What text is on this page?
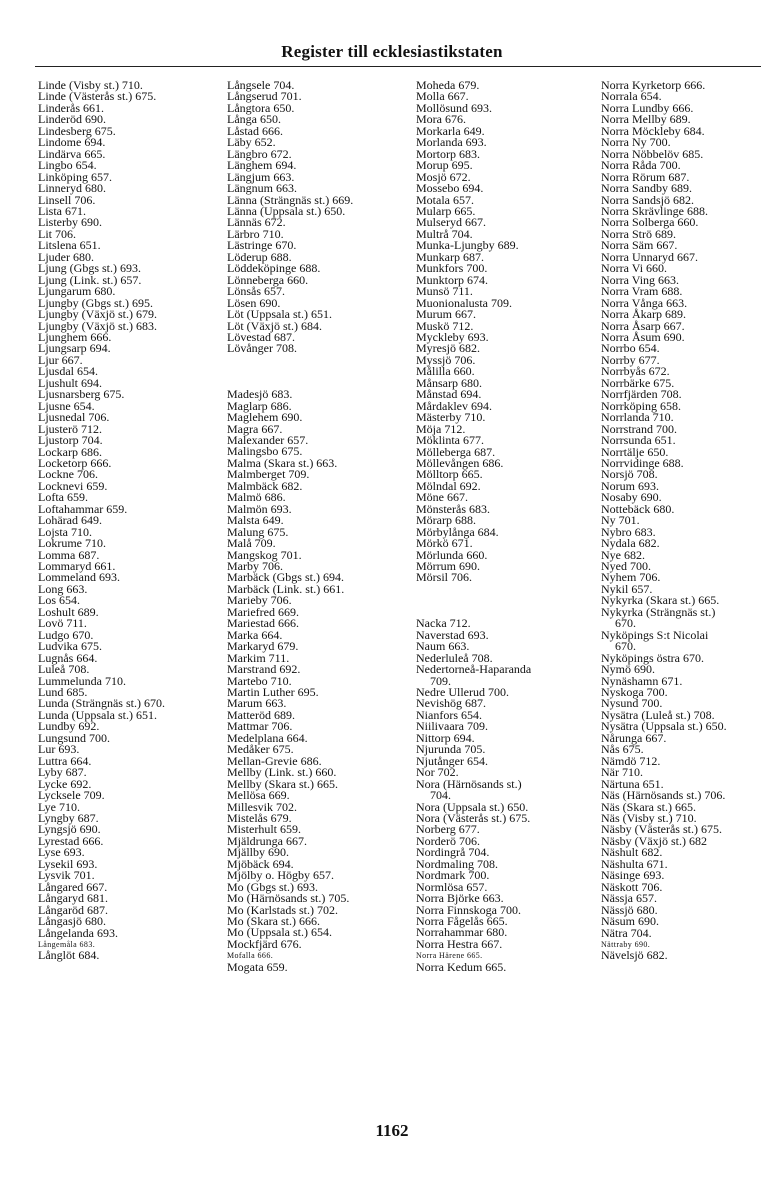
Register till ecklesiastikstaten
Linde (Visby st.) 710.
Linde (Västerås st.) 675.
Linderås 661.
Linderöd 690.
Lindesberg 675.
Lindome 694.
Lindärva 665.
Lingbo 654.
Linköping 657.
Linneryd 680.
Linsell 706.
Lista 671.
Listerby 690.
Lit 706.
Litslena 651.
Ljuder 680.
Ljung (Gbgs st.) 693.
Ljung (Link. st.) 657.
Ljungarum 680.
Ljungby (Gbgs st.) 695.
Ljungby (Växjö st.) 679.
Ljungby (Växjö st.) 683.
Ljunghem 666.
Ljungsarp 694.
Ljur 667.
Ljusdal 654.
Ljushult 694.
Ljusnarsberg 675.
Ljusne 654.
Ljusnedal 706.
Ljusterö 712.
Ljustorp 704.
Lockarp 686.
Locketorp 666.
Lockne 706.
Locknevi 659.
Lofta 659.
Loftahammar 659.
Lohärad 649.
Lojsta 710.
Lokrume 710.
Lomma 687.
Lommaryd 661.
Lommeland 693.
Long 663.
Los 654.
Loshult 689.
Lovö 711.
Ludgo 670.
Ludvika 675.
Lugnås 664.
Luleå 708.
Lummelunda 710.
Lund 685.
Lunda (Strängnäs st.) 670.
Lunda (Uppsala st.) 651.
Lundby 692.
Lungsund 700.
Lur 693.
Luttra 664.
Lyby 687.
Lycke 692.
Lycksele 709.
Lye 710.
Lyngby 687.
Lyngsjö 690.
Lyrestad 666.
Lyse 693.
Lysekil 693.
Lysvik 701.
Långared 667.
Långaryd 681.
Långaröd 687.
Långasjö 680.
Långelanda 693.
Långemåla 683.
Långlöt 684.
Långsele 704.
Långserud 701.
Långtora 650.
Långa 650.
Låstad 666.
Läby 652.
Längbro 672.
Länghem 694.
Längjum 663.
Längnum 663.
Länna (Strängnäs st.) 669.
Länna (Uppsala st.) 650.
Lännäs 672.
Lärbro 710.
Lästringe 670.
Löderup 688.
Löddeköpinge 688.
Lönneberga 660.
Lönsås 657.
Lösen 690.
Löt (Uppsala st.) 651.
Löt (Växjö st.) 684.
Lövestad 687.
Lövånger 708.
Madesjö 683.
Maglarp 686.
Maglehem 690.
Magra 667.
Malexander 657.
Malingsbo 675.
Malma (Skara st.) 663.
Malmberget 709.
Malmbäck 682.
Malmö 686.
Malmön 693.
Malsta 649.
Malung 675.
Malå 709.
Mangskog 701.
Marby 706.
Marbäck (Gbgs st.) 694.
Marbäck (Link. st.) 661.
Marieby 706.
Mariefred 669.
Mariestad 666.
Marka 664.
Markaryd 679.
Markim 711.
Marstrand 692.
Martebo 710.
Martin Luther 695.
Marum 663.
Matteröd 689.
Mattmar 706.
Medelplana 664.
Medåker 675.
Mellan-Grevie 686.
Mellby (Link. st.) 660.
Mellby (Skara st.) 665.
Mellösa 669.
Millesvik 702.
Mistelås 679.
Misterhult 659.
Mjäldrunga 667.
Mjällby 690.
Mjöbäck 694.
Mjölby o. Högby 657.
Mo (Gbgs st.) 693.
Mo (Härnösands st.) 705.
Mo (Karlstads st.) 702.
Mo (Skara st.) 666.
Mo (Uppsala st.) 654.
Mockfjärd 676.
Mofalla 666.
Mogata 659.
Moheda 679.
Molla 667.
Mollösund 693.
Mora 676.
Morkarla 649.
Morlanda 693.
Mortorp 683.
Morup 695.
Mosjö 672.
Mossebo 694.
Motala 657.
Mularp 665.
Mulseryd 667.
Multrå 704.
Munka-Ljungby 689.
Munkarp 687.
Munkfors 700.
Munktorp 674.
Munsö 711.
Muonionalusta 709.
Murum 667.
Muskö 712.
Myckleby 693.
Myresjö 682.
Myssjö 706.
Målilla 660.
Månsarp 680.
Månstad 694.
Mårdaklev 694.
Mästerby 710.
Möja 712.
Möklinta 677.
Mölleberga 687.
Möllevången 686.
Mölltorp 665.
Mölndal 692.
Möne 667.
Mönsterås 683.
Mörarp 688.
Mörbylånga 684.
Mörkö 671.
Mörlunda 660.
Mörrum 690.
Mörsil 706.
Nacka 712.
Naverstad 693.
Naum 663.
Nederluleå 708.
Nedertorneå-Haparanda
709.
Nedre Ullerud 700.
Nevishög 687.
Nianfors 654.
Niilivaara 709.
Nittorp 694.
Njurunda 705.
Njutånger 654.
Nor 702.
Nora (Härnösands st.)
704.
Nora (Uppsala st.) 650.
Nora (Västerås st.) 675.
Norberg 677.
Norderö 706.
Nordingrå 704.
Nordmaling 708.
Nordmark 700.
Normlösa 657.
Norra Björke 663.
Norra Finnskoga 700.
Norra Fågelås 665.
Norrahammar 680.
Norra Hestra 667.
Norra Härene 665.
Norra Kedum 665.
Norra Kyrketorp 666.
Norrala 654.
Norra Lundby 666.
Norra Mellby 689.
Norra Möckleby 684.
Norra Ny 700.
Norra Nöbbelöv 685.
Norra Råda 700.
Norra Rörum 687.
Norra Sandby 689.
Norra Sandsjö 682.
Norra Skrävlinge 688.
Norra Solberga 660.
Norra Strö 689.
Norra Säm 667.
Norra Unnaryd 667.
Norra Vi 660.
Norra Ving 663.
Norra Vram 688.
Norra Vånga 663.
Norra Åkarp 689.
Norra Åsarp 667.
Norra Åsum 690.
Norrbo 654.
Norrby 677.
Norrbyås 672.
Norrbärke 675.
Norrfjärden 708.
Norrköping 658.
Norrlanda 710.
Norrstrand 700.
Norrsunda 651.
Norrtälje 650.
Norrvidinge 688.
Norsjö 708.
Norum 693.
Nosaby 690.
Nottebäck 680.
Ny 701.
Nybro 683.
Nydala 682.
Nye 682.
Nyed 700.
Nyhem 706.
Nykil 657.
Nykyrka (Skara st.) 665.
Nykyrka (Strängnäs st.)
670.
Nyköpings S:t Nicolai
670.
Nyköpings östra 670.
Nymö 690.
Nynäshamn 671.
Nyskoga 700.
Nysund 700.
Nysätra (Luleå st.) 708.
Nysätra (Uppsala st.) 650.
Nårunga 667.
Nås 675.
Nämdö 712.
När 710.
Närtuna 651.
Näs (Härnösands st.) 706.
Näs (Skara st.) 665.
Näs (Visby st.) 710.
Näsby (Västerås st.) 675.
Näsby (Växjö st.) 682
Näshult 682.
Näshulta 671.
Näsinge 693.
Näskott 706.
Nässja 657.
Nässjö 680.
Näsum 690.
Nätra 704.
Nättraby 690.
Nävelsjö 682.
1162
